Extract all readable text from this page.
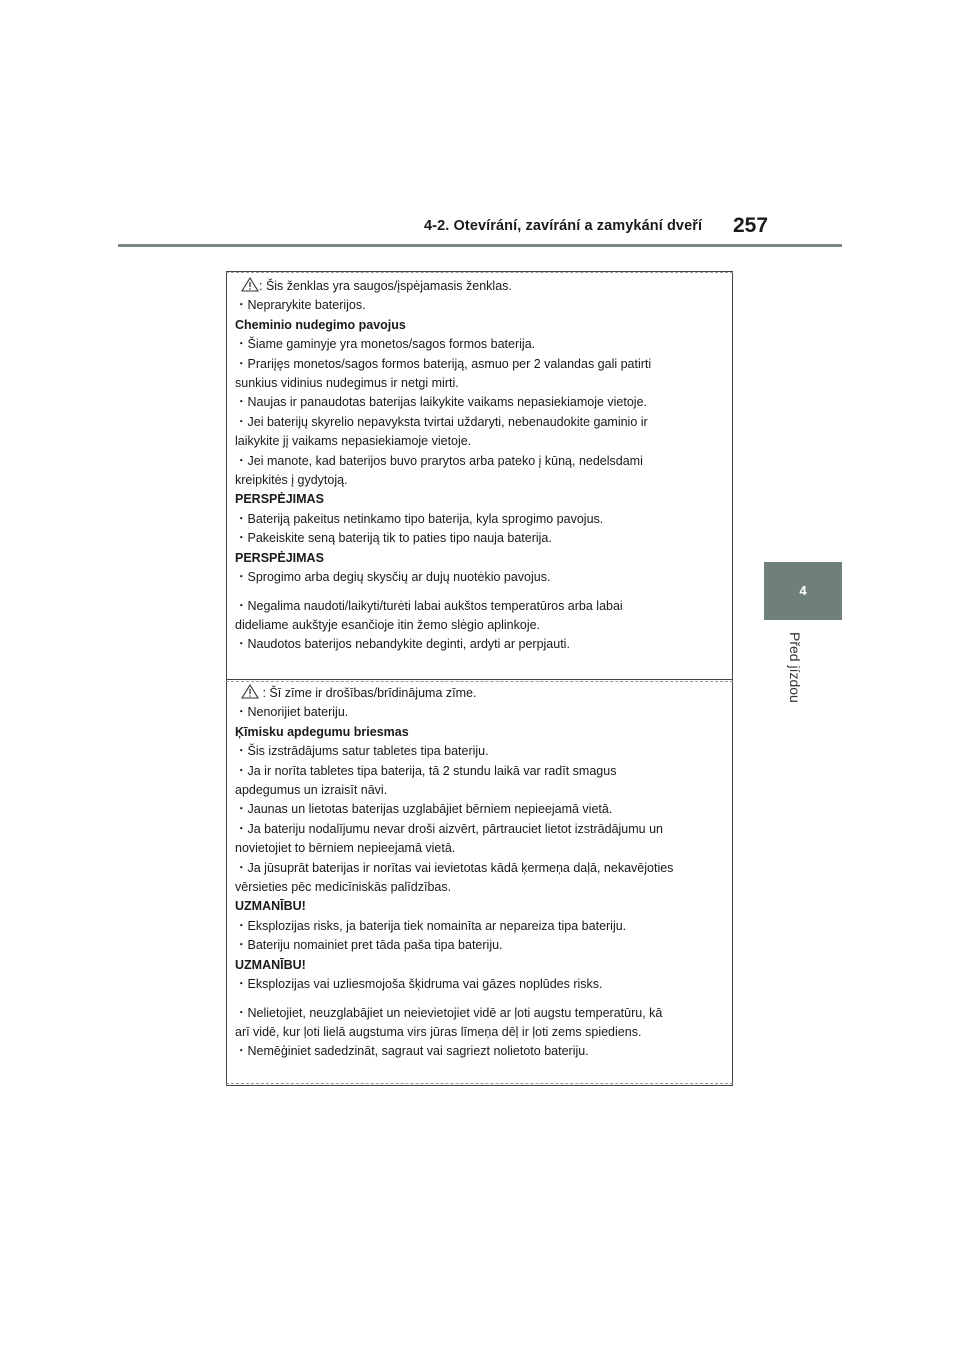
4-2. Otevírání, zavírání a zamykání dveří 257
4
Před jízdou
: Šis ženklas yra saugos/įspėjamasis ženklas.
・Neprarykite baterijos.
Cheminio nudegimo pavojus
・Šiame gaminyje yra monetos/sagos formos baterija.
・Prariįęs monetos/sagos formos bateriją, asmuo per 2 valandas gali patirti
sunkius vidinius nudegimus ir netgi mirti.
・Naujas ir panaudotas baterijas laikykite vaikams nepasiekiamoje vietoje.
・Jei baterijų skyrelio nepavyksta tvirtai uždaryti, nebenaudokite gaminio ir
laikykite jį vaikams nepasiekiamoje vietoje.
・Jei manote, kad baterijos buvo prarytos arba pateko į kūną, nedelsdami
kreipkitės į gydytoją.
PERSPĖJIMAS
・Bateriją pakeitus netinkamo tipo baterija, kyla sprogimo pavojus.
・Pakeiskite seną bateriją tik to paties tipo nauja baterija.
PERSPĖJIMAS
・Sprogimo arba degių skysčių ar dujų nuotėkio pavojus.
・Negalima naudoti/laikyti/turėti labai aukštos temperatūros arba labai
dideliame aukštyje esančioje itin žemo slėgio aplinkoje.
・Naudotos baterijos nebandykite deginti, ardyti ar perpjauti.
: Šī zīme ir drošības/brīdinājuma zīme.
・Nenorijiet bateriju.
Ķīmisku apdegumu briesmas
・Šis izstrādājums satur tabletes tipa bateriju.
・Ja ir norīta tabletes tipa baterija, tā 2 stundu laikā var radīt smagus
apdegumus un izraisīt nāvi.
・Jaunas un lietotas baterijas uzglabājiet bērniem nepieejamā vietā.
・Ja bateriju nodalījumu nevar droši aizvērt, pārtrauciet lietot izstrādājumu un
novietojiet to bērniem nepieejamā vietā.
・Ja jūsuprāt baterijas ir norītas vai ievietotas kādā ķermeņa daļā, nekavējoties
vērsieties pēc medicīniskās palīdzības.
UZMANĪBU!
・Eksplozijas risks, ja baterija tiek nomainīta ar nepareiza tipa bateriju.
・Bateriju nomainiet pret tāda paša tipa bateriju.
UZMANĪBU!
・Eksplozijas vai uzliesmojoša šķidruma vai gāzes noplūdes risks.
・Nelietojiet, neuzglabājiet un neievietojiet vidē ar ļoti augstu temperatūru, kā
arī vidē, kur ļoti lielā augstuma virs jūras līmeņa dēļ ir ļoti zems spiediens.
・Nemēģiniet sadedzināt, sagraut vai sagriezt nolietoto bateriju.
